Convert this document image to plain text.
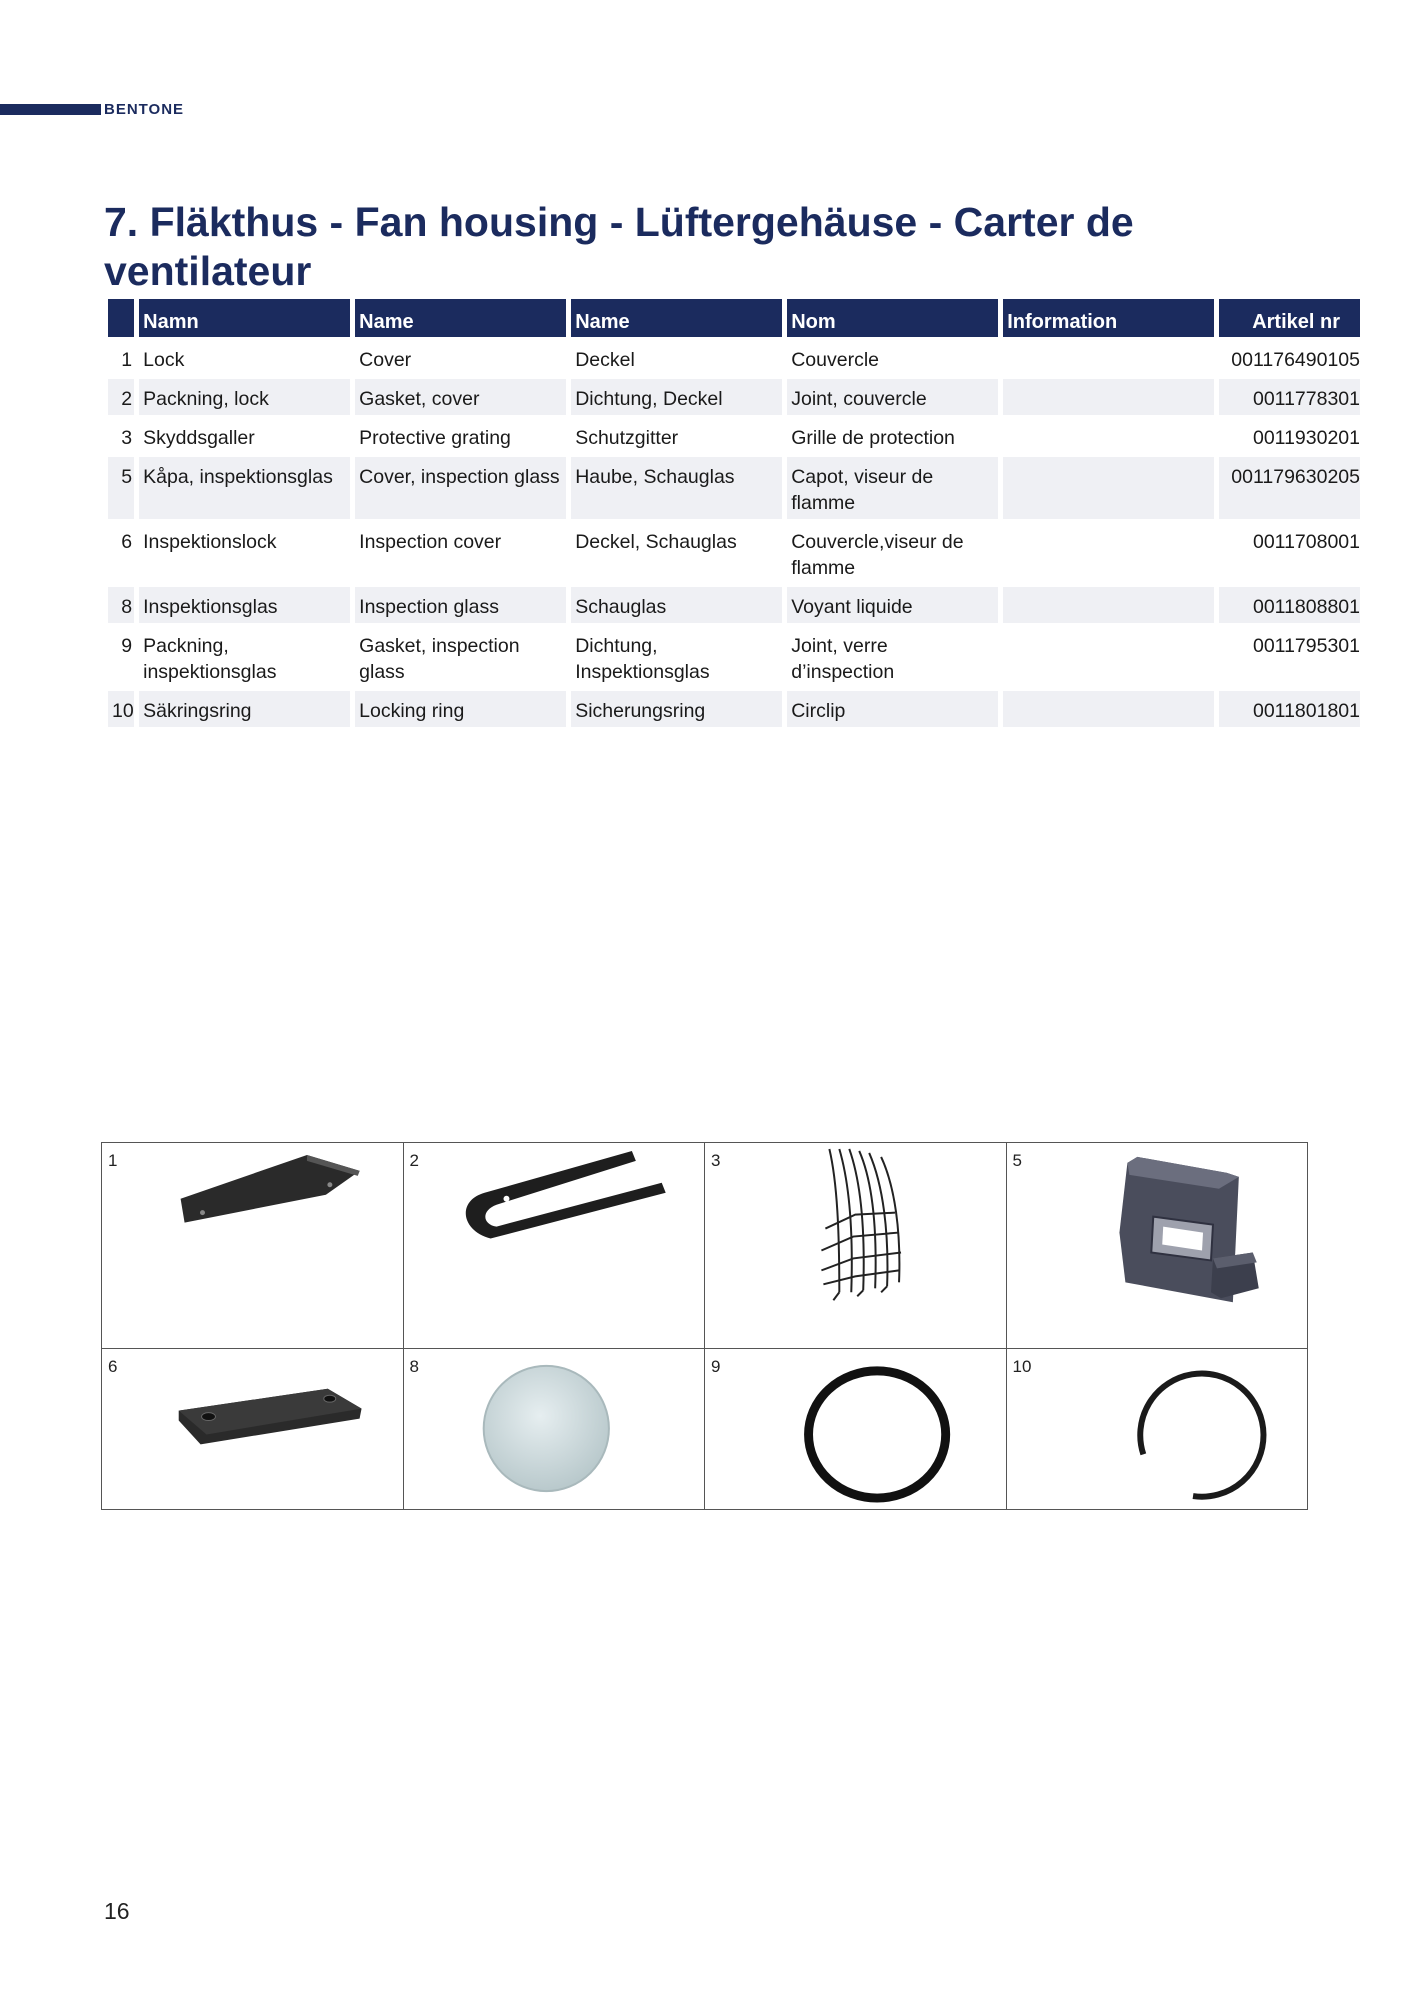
BENTONE
7. Fläkthus - Fan housing - Lüftergehäuse - Carter de ventilateur
	Namn	Name	Name	Nom	Information	Artikel nr
1	Lock	Cover	Deckel	Couvercle		001176490105
2	Packning, lock	Gasket, cover	Dichtung, Deckel	Joint, couvercle		0011778301
3	Skyddsgaller	Protective grating	Schutzgitter	Grille de protection		0011930201
5	Kåpa, inspektionsglas	Cover, inspection glass	Haube, Schauglas	Capot, viseur de flamme		001179630205
6	Inspektionslock	Inspection cover	Deckel, Schauglas	Couvercle,viseur de flamme		0011708001
8	Inspektionsglas	Inspection glass	Schauglas	Voyant liquide		0011808801
9	Packning, inspektionsglas	Gasket, inspection glass	Dichtung, Inspektionsglas	Joint, verre d’inspection		0011795301
10	Säkringsring	Locking ring	Sicherungsring	Circlip		0011801801
1	2	3	5
6	8	9	10
16
